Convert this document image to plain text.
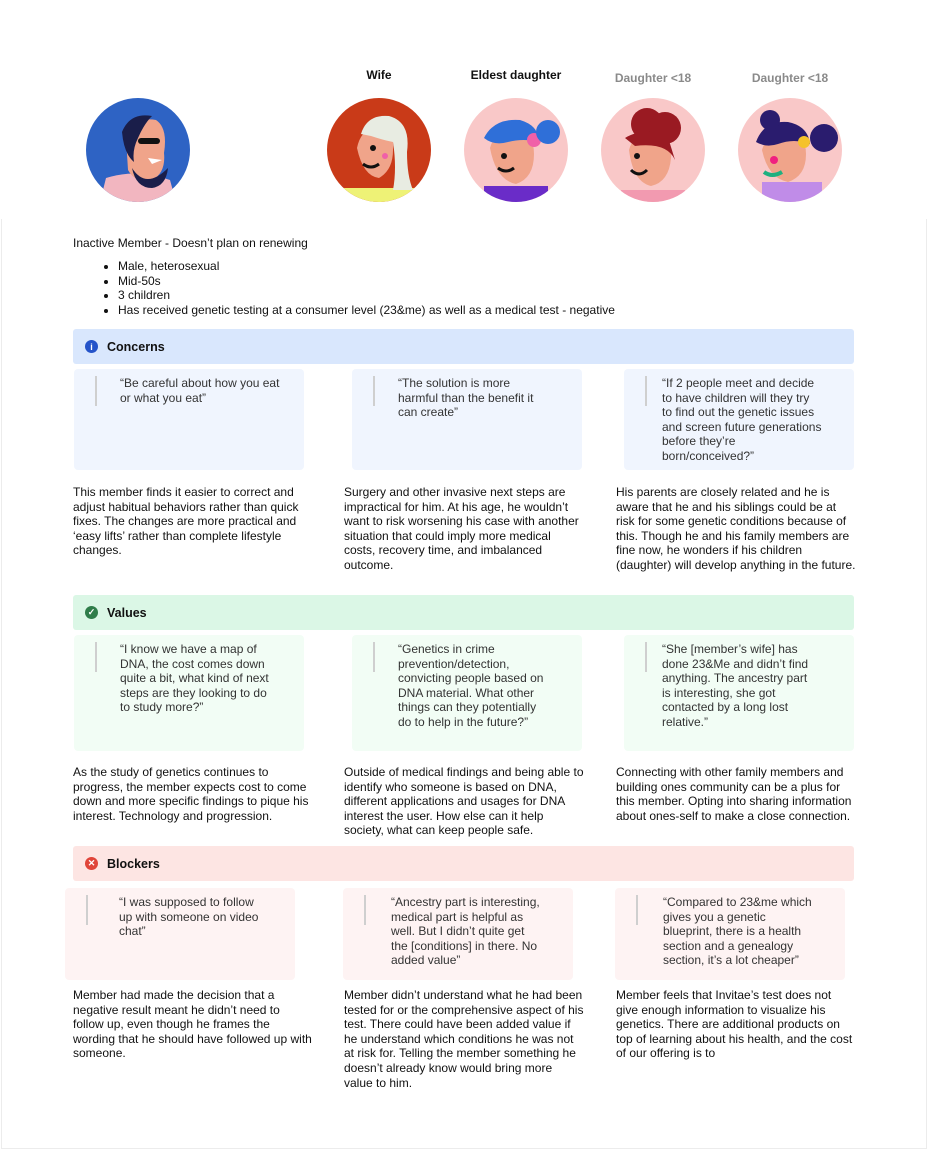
Wife	Eldest daughter	Daughter <18	Daughter <18
Inactive Member - Doesn’t plan on renewing
• Male, heterosexual
• Mid-50s
• 3 children
• Has received genetic testing at a consumer level (23&me) as well as a medical test - negative
i	Concerns
“Be careful about how you eat or what you eat”
“The solution is more harmful than the benefit it can create”
“If 2 people meet and decide to have children will they try to find out the genetic issues and screen future generations before they’re born/conceived?”
This member finds it easier to correct and adjust habitual behaviors rather than quick fixes. The changes are more practical and ‘easy lifts’ rather than complete lifestyle changes.
Surgery and other invasive next steps are impractical for him. At his age, he wouldn’t want to risk worsening his case with another situation that could imply more medical costs, recovery time, and imbalanced outcome.
His parents are closely related and he is aware that he and his siblings could be at risk for some genetic conditions because of this. Though he and his family members are fine now, he wonders if his children (daughter) will develop anything in the future.
✓ Values
“I know we have a map of DNA, the cost comes down quite a bit, what kind of next steps are they looking to do to study more?”
“Genetics in crime prevention/detection, convicting people based on DNA material. What other things can they potentially do to help in the future?”
“She [member’s wife] has done 23&Me and didn’t find anything. The ancestry part is interesting, she got contacted by a long lost relative.”
As the study of genetics continues to progress, the member expects cost to come down and more specific findings to pique his interest. Technology and progression.
Outside of medical findings and being able to identify who someone is based on DNA, different applications and usages for DNA interest the user. How else can it help society, what can keep people safe.
Connecting with other family members and building ones community can be a plus for this member. Opting into sharing information about ones-self to make a close connection.
✕ Blockers
“I was supposed to follow up with someone on video chat”
“Ancestry part is interesting, medical part is helpful as well. But I didn’t quite get the [conditions] in there. No added value”
“Compared to 23&me which gives you a genetic blueprint, there is a health section and a genealogy section, it’s a lot cheaper”
Member had made the decision that a negative result meant he didn’t need to follow up, even though he frames the wording that he should have followed up with someone.
Member didn’t understand what he had been tested for or the comprehensive aspect of his test. There could have been added value if he understand which conditions he was not at risk for. Telling the member something he doesn’t already know would bring more value to him.
Member feels that Invitae’s test does not give enough information to visualize his genetics. There are additional products on top of learning about his health, and the cost of our offering is to
